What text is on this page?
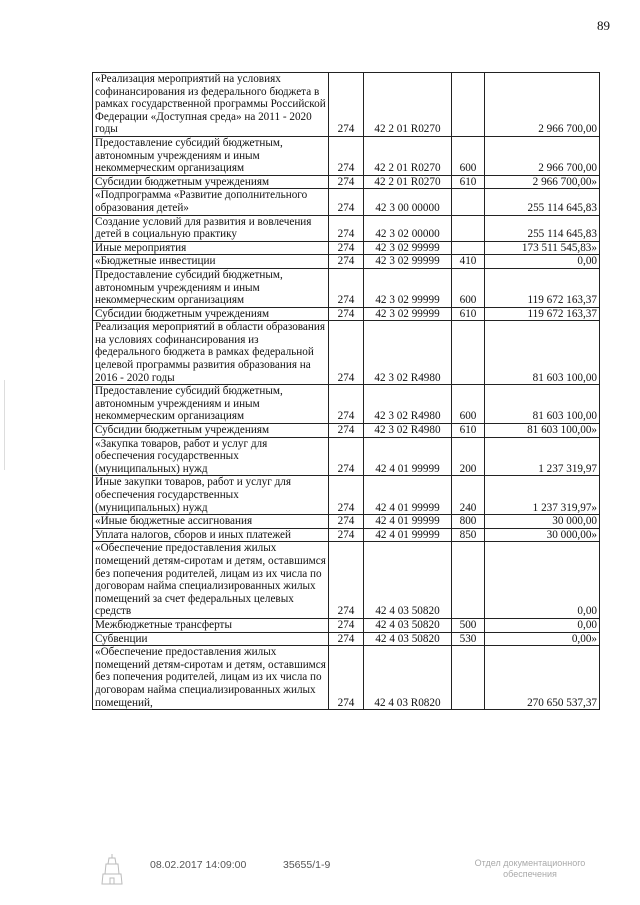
89
«Реализация мероприятий на условиях софинансирования из федерального бюджета в рамках государственной программы Российской Федерации «Доступная среда» на 2011 - 2020 годы	274	42 2 01 R0270		2 966 700,00
Предоставление субсидий бюджетным, автономным учреждениям и иным некоммерческим организациям	274	42 2 01 R0270	600	2 966 700,00
Субсидии бюджетным учреждениям	274	42 2 01 R0270	610	2 966 700,00»
«Подпрограмма «Развитие дополнительного образования детей»	274	42 3 00 00000		255 114 645,83
Создание условий для развития и вовлечения детей в социальную практику	274	42 3 02 00000		255 114 645,83
Иные мероприятия	274	42 3 02 99999		173 511 545,83»
«Бюджетные инвестиции	274	42 3 02 99999	410	0,00
Предоставление субсидий бюджетным, автономным учреждениям и иным некоммерческим организациям	274	42 3 02 99999	600	119 672 163,37
Субсидии бюджетным учреждениям	274	42 3 02 99999	610	119 672 163,37
Реализация мероприятий в области образования на условиях софинансирования из федерального бюджета в рамках федеральной целевой программы развития образования на 2016 - 2020 годы	274	42 3 02 R4980		81 603 100,00
Предоставление субсидий бюджетным, автономным учреждениям и иным некоммерческим организациям	274	42 3 02 R4980	600	81 603 100,00
Субсидии бюджетным учреждениям	274	42 3 02 R4980	610	81 603 100,00»
«Закупка товаров, работ и услуг для обеспечения государственных (муниципальных) нужд	274	42 4 01 99999	200	1 237 319,97
Иные закупки товаров, работ и услуг для обеспечения государственных (муниципальных) нужд	274	42 4 01 99999	240	1 237 319,97»
«Иные бюджетные ассигнования	274	42 4 01 99999	800	30 000,00
Уплата налогов, сборов и иных платежей	274	42 4 01 99999	850	30 000,00»
«Обеспечение предоставления жилых помещений детям-сиротам и детям, оставшимся без попечения родителей, лицам из их числа по договорам найма специализированных жилых помещений за счет федеральных целевых средств	274	42 4 03 50820		0,00
Межбюджетные трансферты	274	42 4 03 50820	500	0,00
Субвенции	274	42 4 03 50820	530	0,00»
«Обеспечение предоставления жилых помещений детям-сиротам и детям, оставшимся без попечения родителей, лицам из их числа по договорам найма специализированных жилых помещений,	274	42 4 03 R0820		270 650 537,37
08.02.2017 14:09:00	35655/1-9	Отдел документационного обеспечения
